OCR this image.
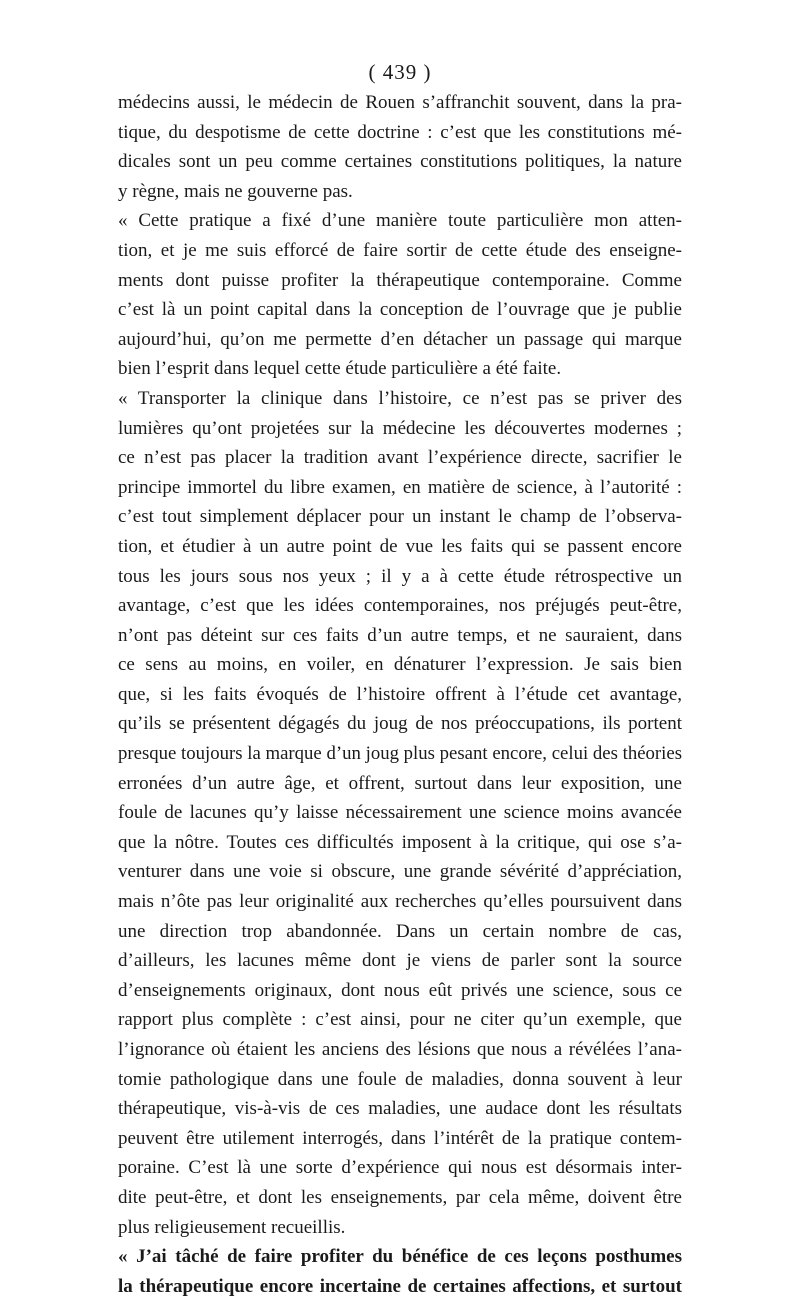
( 439 )
médecins aussi, le médecin de Rouen s’affranchit souvent, dans la pra-
tique, du despotisme de cette doctrine : c’est que les constitutions mé-
dicales sont un peu comme certaines constitutions politiques, la nature
y règne, mais ne gouverne pas.
« Cette pratique a fixé d’une manière toute particulière mon atten-
tion, et je me suis efforcé de faire sortir de cette étude des enseigne-
ments dont puisse profiter la thérapeutique contemporaine. Comme
c’est là un point capital dans la conception de l’ouvrage que je publie
aujourd’hui, qu’on me permette d’en détacher un passage qui marque
bien l’esprit dans lequel cette étude particulière a été faite.
« Transporter la clinique dans l’histoire, ce n’est pas se priver des
lumières qu’ont projetées sur la médecine les découvertes modernes ;
ce n’est pas placer la tradition avant l’expérience directe, sacrifier le
principe immortel du libre examen, en matière de science, à l’autorité :
c’est tout simplement déplacer pour un instant le champ de l’observa-
tion, et étudier à un autre point de vue les faits qui se passent encore
tous les jours sous nos yeux ; il y a à cette étude rétrospective un
avantage, c’est que les idées contemporaines, nos préjugés peut-être,
n’ont pas déteint sur ces faits d’un autre temps, et ne sauraient, dans
ce sens au moins, en voiler, en dénaturer l’expression. Je sais bien
que, si les faits évoqués de l’histoire offrent à l’étude cet avantage,
qu’ils se présentent dégagés du joug de nos préoccupations, ils portent
presque toujours la marque d’un joug plus pesant encore, celui des théories
erronées d’un autre âge, et offrent, surtout dans leur exposition, une
foule de lacunes qu’y laisse nécessairement une science moins avancée
que la nôtre. Toutes ces difficultés imposent à la critique, qui ose s’a-
venturer dans une voie si obscure, une grande sévérité d’appréciation,
mais n’ôte pas leur originalité aux recherches qu’elles poursuivent dans
une direction trop abandonnée. Dans un certain nombre de cas,
d’ailleurs, les lacunes même dont je viens de parler sont la source
d’enseignements originaux, dont nous eût privés une science, sous ce
rapport plus complète : c’est ainsi, pour ne citer qu’un exemple, que
l’ignorance où étaient les anciens des lésions que nous a révélées l’ana-
tomie pathologique dans une foule de maladies, donna souvent à leur
thérapeutique, vis-à-vis de ces maladies, une audace dont les résultats
peuvent être utilement interrogés, dans l’intérêt de la pratique contem-
poraine. C’est là une sorte d’expérience qui nous est désormais inter-
dite peut-être, et dont les enseignements, par cela même, doivent être
plus religieusement recueillis.
« J’ai tâché de faire profiter du bénéfice de ces leçons posthumes
la thérapeutique encore incertaine de certaines affections, et surtout
